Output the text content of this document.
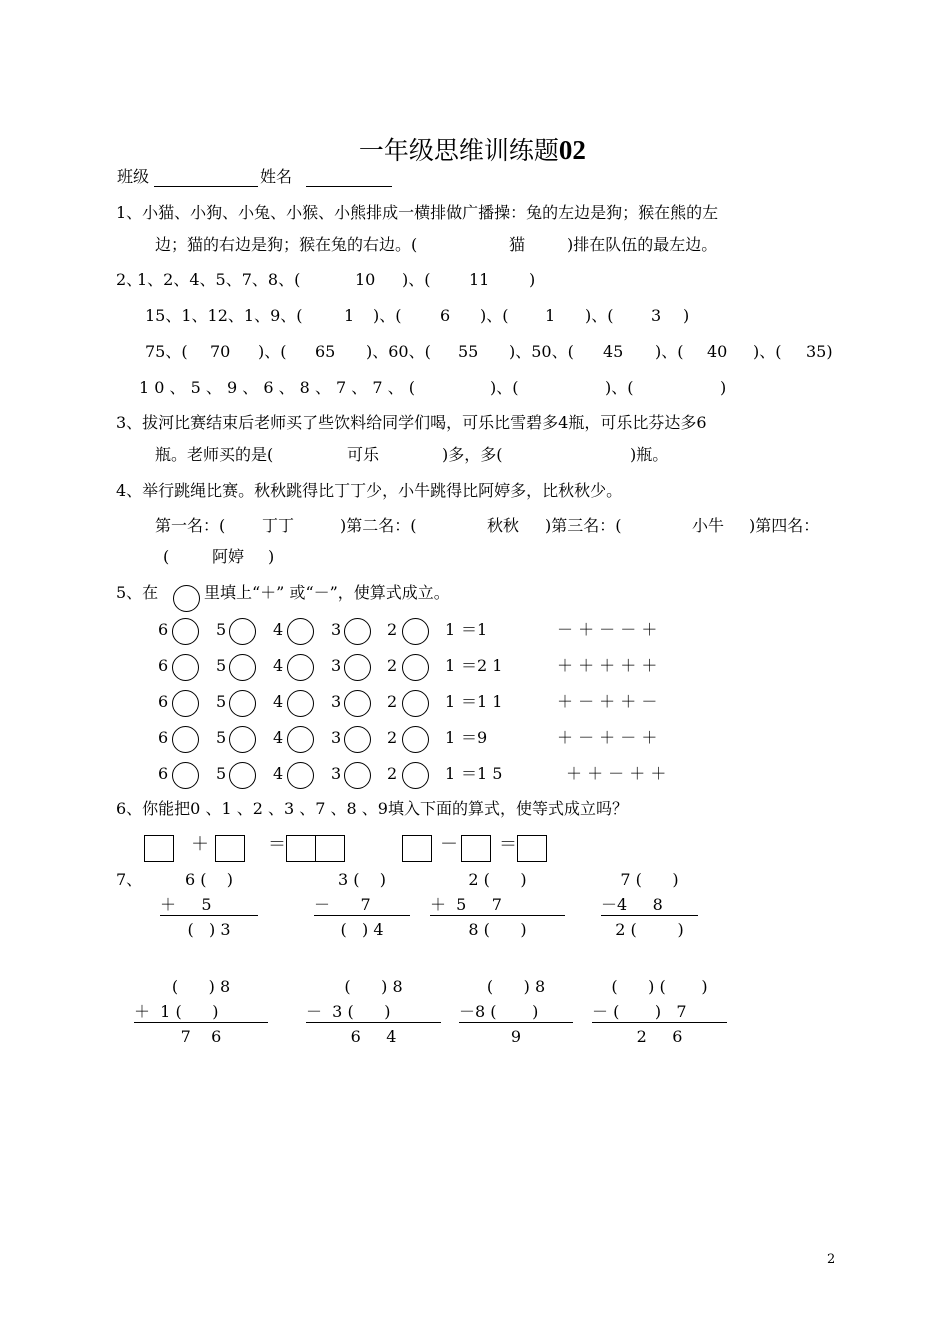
一年级思维训练题02

班级	姓名
1、小猫、小狗、小兔、小猴、小熊排成一横排做广播操：兔的左边是狗；猴在熊的左
边；猫的右边是狗；猴在兔的右边。(	猫	)排在队伍的最左边。
2、
1、2、4、5、7、8、(	10 )、( 11 )
15、1、12、1、9、(	1 )、( 6 )、( 1 )、( 3 )
75、( 70 )、( 65 )、60、( 55 )、50、( 45 )、( 40 )、( 35)
1 0 、 5 、 9 、 6 、 8 、 7 、 7 、 (	)、(	)、(	)
3、拔河比赛结束后老师买了些饮料给同学们喝，可乐比雪碧多4瓶，可乐比芬达多6
瓶。老师买的是(	可乐	)多，多(	)瓶。
4、举行跳绳比赛。秋秋跳得比丁丁少，小牛跳得比阿婷多，比秋秋少。
第一名：( 丁丁	)第二名：(	秋秋 )第三名：(	小牛 )第四名：
(	阿婷 )
5、在	里填上“＋” 或“－”，使算式成立。
6	5	4	3	2	1 ＝1	－ ＋ － － ＋
6	5	4	3	2	1 ＝2 1	＋ ＋ ＋ ＋ ＋
6	5	4	3	2	1 ＝1 1	＋ － ＋ ＋ －
6	5	4	3	2	1 ＝9	＋ － ＋ － ＋
6	5	4	3	2	1 ＝1 5	＋ ＋ － ＋ ＋
6、你能把0 、1 、2 、3 、7 、8 、9填入下面的算式，使等式成立吗？
＋	＝	－ ＝
7、	6 (    )
＋     5
(   ) 3
3 (    )
－      7
(   ) 4
2 (      )
＋  5     7
8 (      )
7 (      )
－4     8
2 (        )
(      ) 8
＋  1 (      )
7    6
(      ) 8
－  3 (      )
6     4
(      ) 8
－8 (       )
9
(      ) (       )
－ (       )   7
2     6
2
